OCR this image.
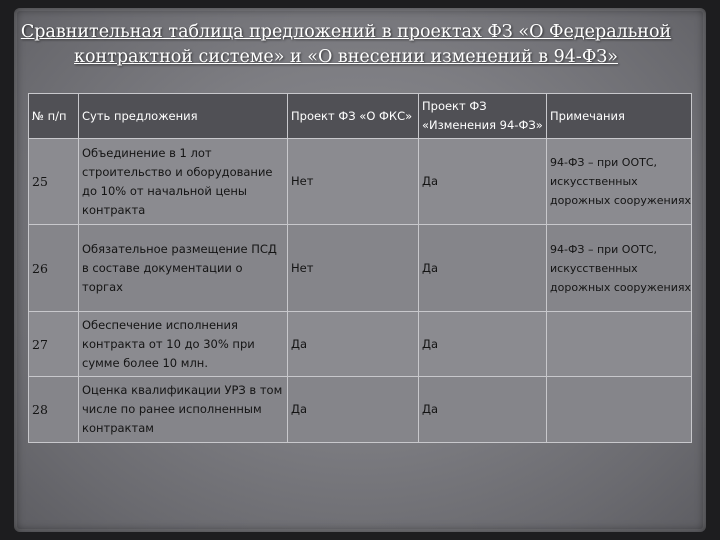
Сравнительная таблица предложений в проектах ФЗ «О Федеральной
контрактной системе» и «О внесении изменений в 94-ФЗ»
№ п/п	Суть предложения	Проект ФЗ «О ФКС»	Проект ФЗ «Изменения 94-ФЗ»	Примечания
25	Объединение в 1 лот строительство и оборудование до 10% от начальной цены контракта	Нет	Да	94-ФЗ – при ООТС, искусственных дорожных сооружениях
26	Обязательное размещение ПСД в составе документации о торгах	Нет	Да	94-ФЗ – при ООТС, искусственных дорожных сооружениях
27	Обеспечение исполнения контракта от 10 до 30% при сумме более 10 млн.	Да	Да	
28	Оценка квалификации УРЗ в том числе по ранее исполненным контрактам	Да	Да	
